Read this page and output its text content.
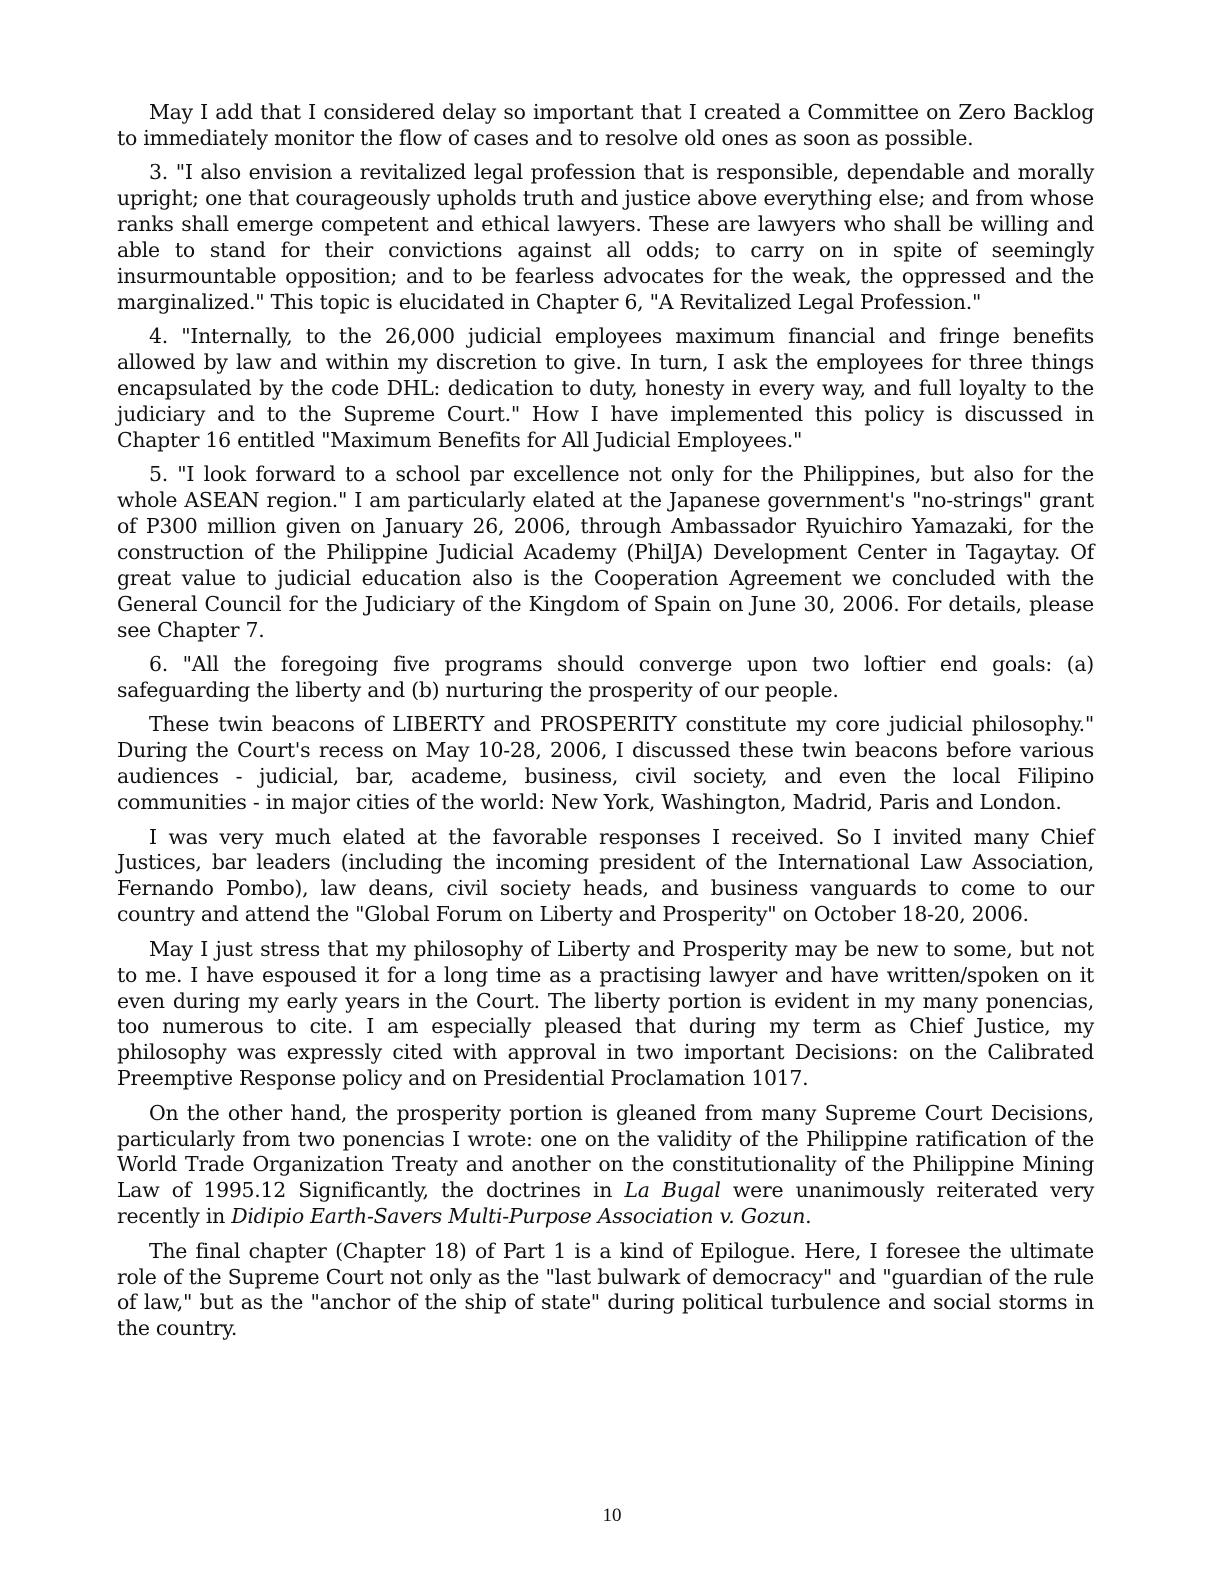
May I add that I considered delay so important that I created a Committee on Zero Backlog to immediately monitor the flow of cases and to resolve old ones as soon as possible.

3. "I also envision a revitalized legal profession that is responsible, dependable and morally upright; one that courageously upholds truth and justice above everything else; and from whose ranks shall emerge competent and ethical lawyers. These are lawyers who shall be willing and able to stand for their convictions against all odds; to carry on in spite of seemingly insurmountable opposition; and to be fearless advocates for the weak, the oppressed and the marginalized." This topic is elucidated in Chapter 6, "A Revitalized Legal Profession."

4. "Internally, to the 26,000 judicial employees maximum financial and fringe benefits allowed by law and within my discretion to give. In turn, I ask the employees for three things encapsulated by the code DHL: dedication to duty, honesty in every way, and full loyalty to the judiciary and to the Supreme Court." How I have implemented this policy is discussed in Chapter 16 entitled "Maximum Benefits for All Judicial Employees."

5. "I look forward to a school par excellence not only for the Philippines, but also for the whole ASEAN region." I am particularly elated at the Japanese government's "no-strings" grant of P300 million given on January 26, 2006, through Ambassador Ryuichiro Yamazaki, for the construction of the Philippine Judicial Academy (PhilJA) Development Center in Tagaytay. Of great value to judicial education also is the Cooperation Agreement we concluded with the General Council for the Judiciary of the Kingdom of Spain on June 30, 2006. For details, please see Chapter 7.

6. "All the foregoing five programs should converge upon two loftier end goals: (a) safeguarding the liberty and (b) nurturing the prosperity of our people.

These twin beacons of LIBERTY and PROSPERITY constitute my core judicial philosophy." During the Court's recess on May 10-28, 2006, I discussed these twin beacons before various audiences - judicial, bar, academe, business, civil society, and even the local Filipino communities - in major cities of the world: New York, Washington, Madrid, Paris and London.

I was very much elated at the favorable responses I received. So I invited many Chief Justices, bar leaders (including the incoming president of the International Law Association, Fernando Pombo), law deans, civil society heads, and business vanguards to come to our country and attend the "Global Forum on Liberty and Prosperity" on October 18-20, 2006.

May I just stress that my philosophy of Liberty and Prosperity may be new to some, but not to me. I have espoused it for a long time as a practising lawyer and have written/spoken on it even during my early years in the Court. The liberty portion is evident in my many ponencias, too numerous to cite. I am especially pleased that during my term as Chief Justice, my philosophy was expressly cited with approval in two important Decisions: on the Calibrated Preemptive Response policy and on Presidential Proclamation 1017.

On the other hand, the prosperity portion is gleaned from many Supreme Court Decisions, particularly from two ponencias I wrote: one on the validity of the Philippine ratification of the World Trade Organization Treaty and another on the constitutionality of the Philippine Mining Law of 1995.12 Significantly, the doctrines in La Bugal were unanimously reiterated very recently in Didipio Earth-Savers Multi-Purpose Association v. Gozun.

The final chapter (Chapter 18) of Part 1 is a kind of Epilogue. Here, I foresee the ultimate role of the Supreme Court not only as the "last bulwark of democracy" and "guardian of the rule of law," but as the "anchor of the ship of state" during political turbulence and social storms in the country.

10
